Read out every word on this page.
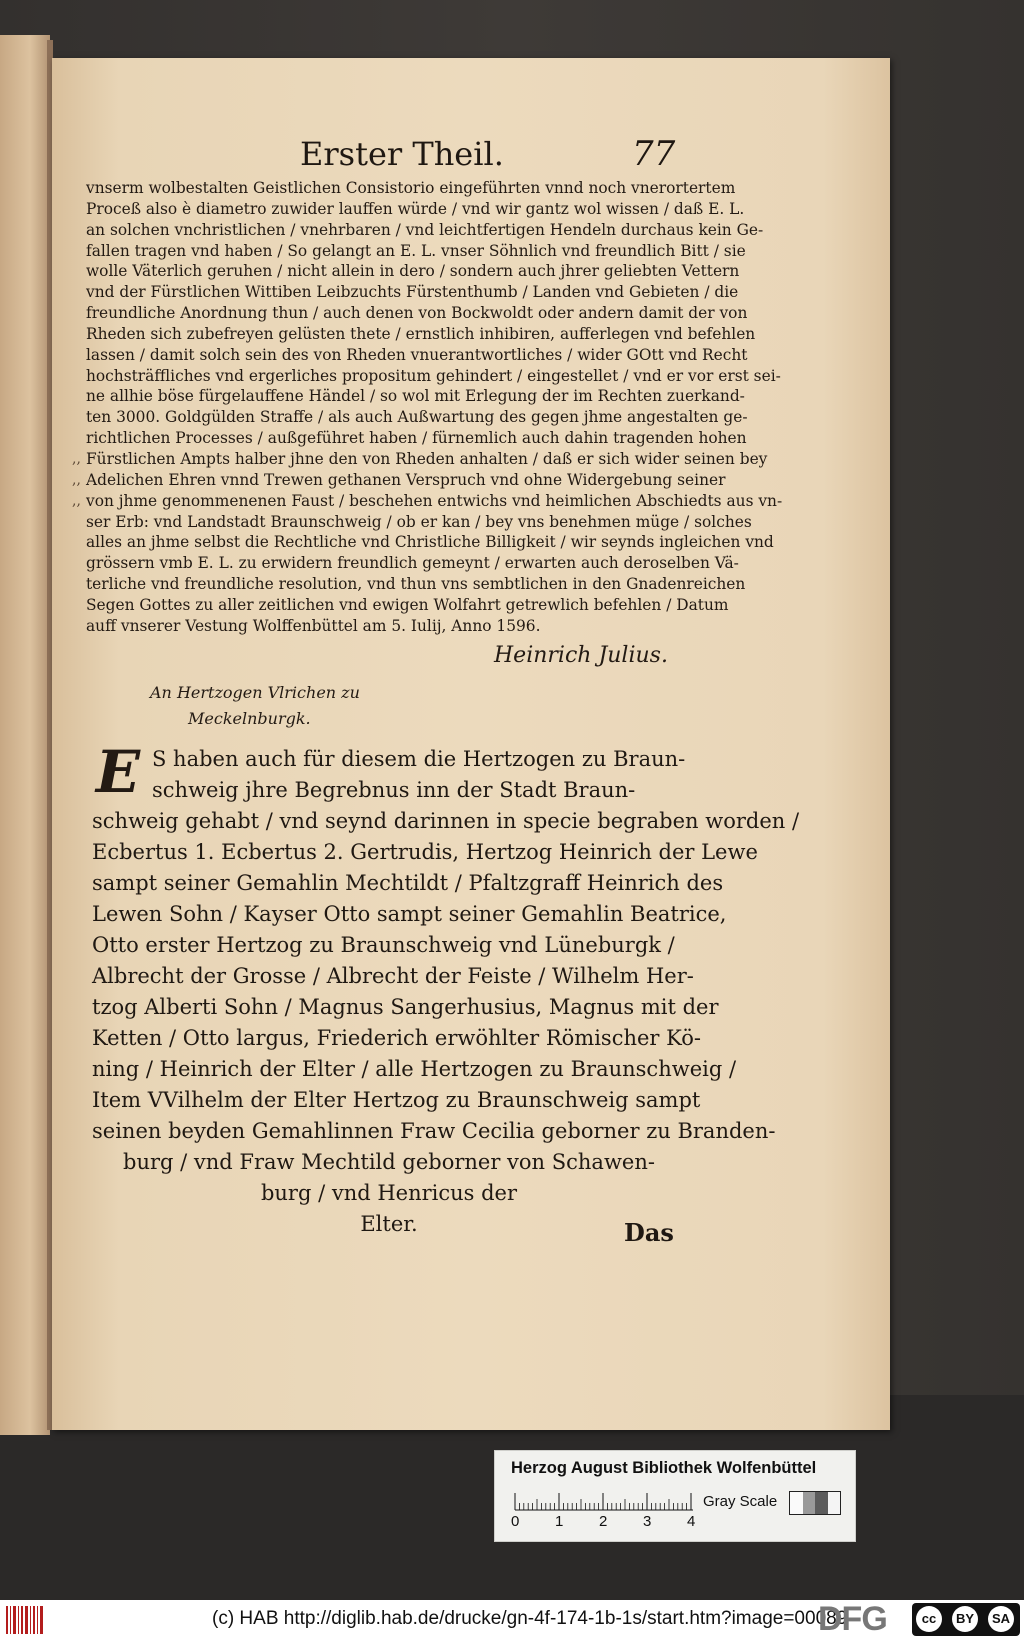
Erster Theil.	77
vnserm wolbestalten Geistlichen Consistorio eingeführten vnnd noch vnerortertem
Proceß also è diametro zuwider lauffen würde / vnd wir gantz wol wissen / daß E. L.
an solchen vnchristlichen / vnehrbaren / vnd leichtfertigen Hendeln durchaus kein Ge-
fallen tragen vnd haben / So gelangt an E. L. vnser Söhnlich vnd freundlich Bitt / sie
wolle Väterlich geruhen / nicht allein in dero / sondern auch jhrer geliebten Vettern
vnd der Fürstlichen Wittiben Leibzuchts Fürstenthumb / Landen vnd Gebieten / die
freundliche Anordnung thun / auch denen von Bockwoldt oder andern damit der von
Rheden sich zubefreyen gelüsten thete / ernstlich inhibiren, aufferlegen vnd befehlen
lassen / damit solch sein des von Rheden vnuerantwortliches / wider GOtt vnd Recht
hochsträffliches vnd ergerliches propositum gehindert / eingestellet / vnd er vor erst sei-
ne allhie böse fürgelauffene Händel / so wol mit Erlegung der im Rechten zuerkand-
ten 3000. Goldgülden Straffe / als auch Außwartung des gegen jhme angestalten ge-
richtlichen Processes / außgeführet haben / fürnemlich auch dahin tragenden hohen
Fürstlichen Ampts halber jhne den von Rheden anhalten / daß er sich wider seinen bey
Adelichen Ehren vnnd Trewen gethanen Verspruch vnd ohne Widergebung seiner
von jhme genommenenen Faust / beschehen entwichs vnd heimlichen Abschiedts aus vn-
ser Erb: vnd Landstadt Braunschweig / ob er kan / bey vns benehmen müge / solches
alles an jhme selbst die Rechtliche vnd Christliche Billigkeit / wir seynds ingleichen vnd
grössern vmb E. L. zu erwidern freundlich gemeynt / erwarten auch deroselben Vä-
terliche vnd freundliche resolution, vnd thun vns sembtlichen in den Gnadenreichen
Segen Gottes zu aller zeitlichen vnd ewigen Wolfahrt getrewlich befehlen / Datum
auff vnserer Vestung Wolffenbüttel am 5. Iulij, Anno 1596.
,,
,,
,,
Heinrich Julius.
An Hertzogen Vlrichen zu
Meckelnburgk.
E S haben auch für diesem die Hertzogen zu Braun-
schweig jhre Begrebnus inn der Stadt Braun-
schweig gehabt / vnd seynd darinnen in specie begraben worden /
Ecbertus 1. Ecbertus 2. Gertrudis, Hertzog Heinrich der Lewe
sampt seiner Gemahlin Mechtildt / Pfaltzgraff Heinrich des
Lewen Sohn / Kayser Otto sampt seiner Gemahlin Beatrice,
Otto erster Hertzog zu Braunschweig vnd Lüneburgk /
Albrecht der Grosse / Albrecht der Feiste / Wilhelm Her-
tzog Alberti Sohn / Magnus Sangerhusius, Magnus mit der
Ketten / Otto largus, Friederich erwöhlter Römischer Kö-
ning / Heinrich der Elter / alle Hertzogen zu Braunschweig /
Item VVilhelm der Elter Hertzog zu Braunschweig sampt
seinen beyden Gemahlinnen Fraw Cecilia geborner zu Branden-
burg / vnd Fraw Mechtild geborner von Schawen-
burg / vnd Henricus der
Elter.	Das
Herzog August Bibliothek Wolfenbüttel
0 1 2 3 4
Gray Scale
(c) HAB http://diglib.hab.de/drucke/gn-4f-174-1b-1s/start.htm?image=00089
DFG	cc	BY	SA
